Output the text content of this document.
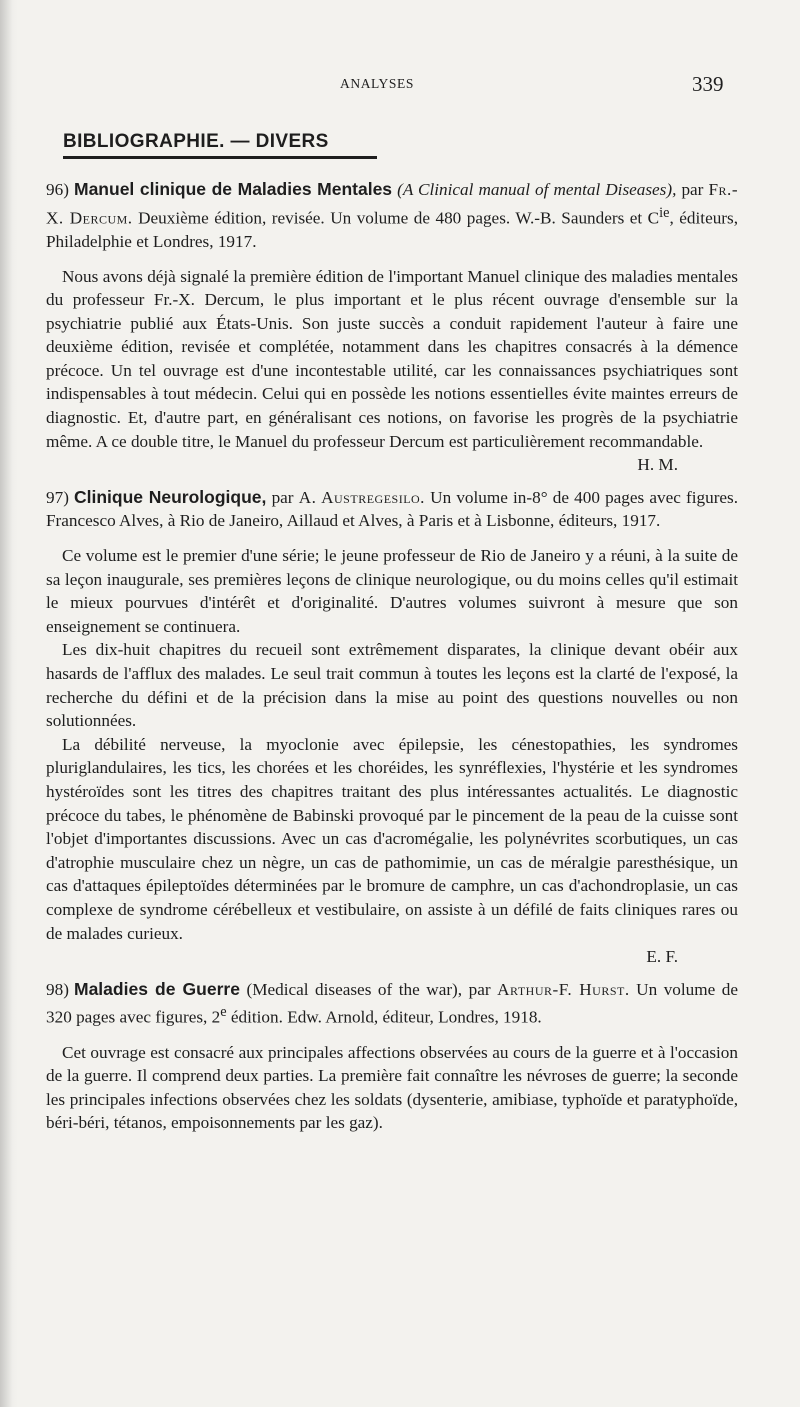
ANALYSES	339
BIBLIOGRAPHIE. — DIVERS

96) Manuel clinique de Maladies Mentales (A Clinical manual of mental Diseases), par Fr.-X. Dercum. Deuxième édition, revisée. Un volume de 480 pages. W.-B. Saunders et $C^{ie}$, éditeurs, Philadelphie et Londres, 1917.

Nous avons déjà signalé la première édition de l'important Manuel clinique des maladies mentales du professeur Fr.-X. Dercum, le plus important et le plus récent ouvrage d'ensemble sur la psychiatrie publié aux États-Unis. Son juste succès a conduit rapidement l'auteur à faire une deuxième édition, revisée et complétée, notamment dans les chapitres consacrés à la démence précoce. Un tel ouvrage est d'une incontestable utilité, car les connaissances psychiatriques sont indispensables à tout médecin. Celui qui en possède les notions essentielles évite maintes erreurs de diagnostic. Et, d'autre part, en généralisant ces notions, on favorise les progrès de la psychiatrie même. A ce double titre, le Manuel du professeur Dercum est particulièrement recommandable.

H. M.

97) Clinique Neurologique, par A. Austregesilo. Un volume in-8° de 400 pages avec figures. Francesco Alves, à Rio de Janeiro, Aillaud et Alves, à Paris et à Lisbonne, éditeurs, 1917.

Ce volume est le premier d'une série; le jeune professeur de Rio de Janeiro y a réuni, à la suite de sa leçon inaugurale, ses premières leçons de clinique neurologique, ou du moins celles qu'il estimait le mieux pourvues d'intérêt et d'originalité. D'autres volumes suivront à mesure que son enseignement se continuera.

Les dix-huit chapitres du recueil sont extrêmement disparates, la clinique devant obéir aux hasards de l'afflux des malades. Le seul trait commun à toutes les leçons est la clarté de l'exposé, la recherche du défini et de la précision dans la mise au point des questions nouvelles ou non solutionnées.

La débilité nerveuse, la myoclonie avec épilepsie, les cénestopathies, les syndromes pluriglandulaires, les tics, les chorées et les choréides, les synréflexies, l'hystérie et les syndromes hystéroïdes sont les titres des chapitres traitant des plus intéressantes actualités. Le diagnostic précoce du tabes, le phénomène de Babinski provoqué par le pincement de la peau de la cuisse sont l'objet d'importantes discussions. Avec un cas d'acromégalie, les polynévrites scorbutiques, un cas d'atrophie musculaire chez un nègre, un cas de pathomimie, un cas de méralgie paresthésique, un cas d'attaques épileptoïdes déterminées par le bromure de camphre, un cas d'achondroplasie, un cas complexe de syndrome cérébelleux et vestibulaire, on assiste à un défilé de faits cliniques rares ou de malades curieux.

E. F.

98) Maladies de Guerre (Medical diseases of the war), par Arthur-F. Hurst. Un volume de 320 pages avec figures, 2e édition. Edw. Arnold, éditeur, Londres, 1918.

Cet ouvrage est consacré aux principales affections observées au cours de la guerre et à l'occasion de la guerre. Il comprend deux parties. La première fait connaître les névroses de guerre; la seconde les principales infections observées chez les soldats (dysenterie, amibiase, typhoïde et paratyphoïde, béri-béri, tétanos, empoisonnements par les gaz).
